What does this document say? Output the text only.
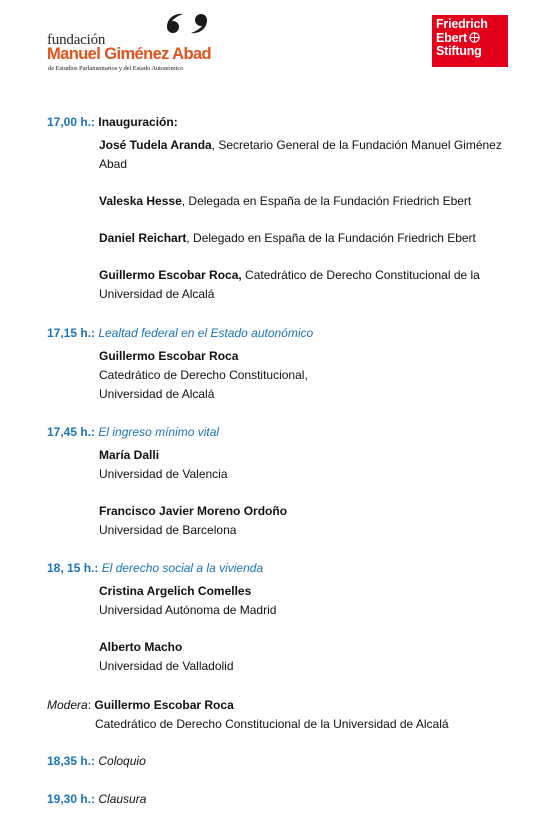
fundación
Manuel Giménez Abad
de Estudios Parlamentarios y del Estado Autonómico
Friedrich
Ebert
Stiftung
17,00 h.: Inauguración:
José Tudela Aranda, Secretario General de la Fundación Manuel Giménez Abad
Valeska Hesse, Delegada en España de la Fundación Friedrich Ebert
Daniel Reichart, Delegado en España de la Fundación Friedrich Ebert
Guillermo Escobar Roca, Catedrático de Derecho Constitucional de la Universidad de Alcalá
17,15 h.: Lealtad federal en el Estado autonómico
Guillermo Escobar Roca
Catedrático de Derecho Constitucional,
Universidad de Alcalá
17,45 h.: El ingreso mínimo vital
María Dalli
Universidad de Valencia
Francisco Javier Moreno Ordoño
Universidad de Barcelona
18, 15 h.: El derecho social a la vivienda
Cristina Argelich Comelles
Universidad Autónoma de Madrid
Alberto Macho
Universidad de Valladolid
Modera: Guillermo Escobar Roca
Catedrático de Derecho Constitucional de la Universidad de Alcalá
18,35 h.: Coloquio
19,30 h.: Clausura
